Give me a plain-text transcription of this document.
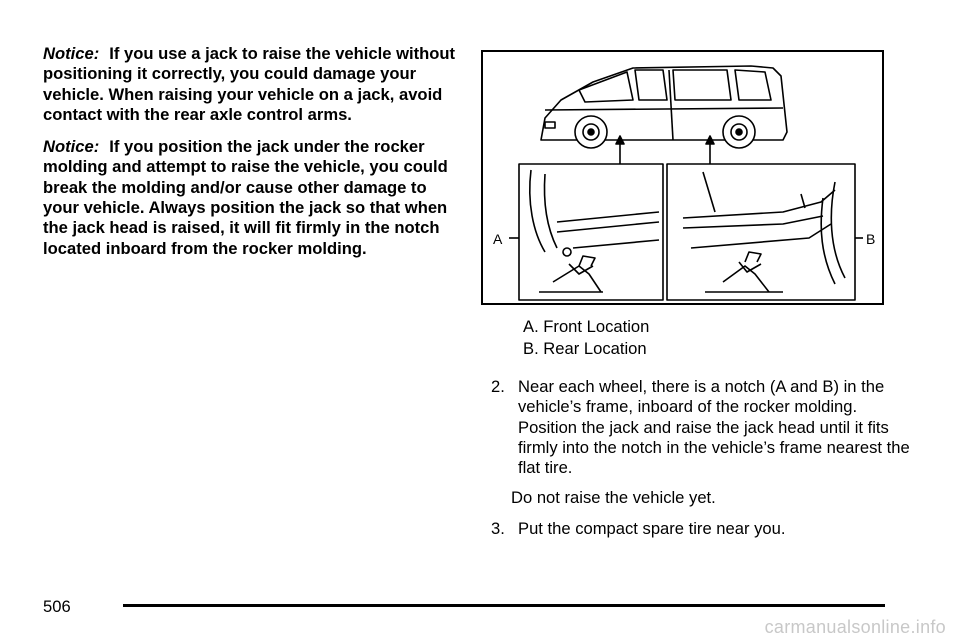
Notice: If you use a jack to raise the vehicle without positioning it correctly, you could damage your vehicle. When raising your vehicle on a jack, avoid contact with the rear axle control arms.

Notice: If you position the jack under the rocker molding and attempt to raise the vehicle, you could break the molding and/or cause other damage to your vehicle. Always position the jack so that when the jack head is raised, it will fit firmly in the notch located inboard from the rocker molding.	A	B
A. Front Location
B. Rear Location
2. Near each wheel, there is a notch (A and B) in the vehicle’s frame, inboard of the rocker molding. Position the jack and raise the jack head until it fits firmly into the notch in the vehicle’s frame nearest the flat tire.
Do not raise the vehicle yet.
3. Put the compact spare tire near you.
506
carmanualsonline.info
